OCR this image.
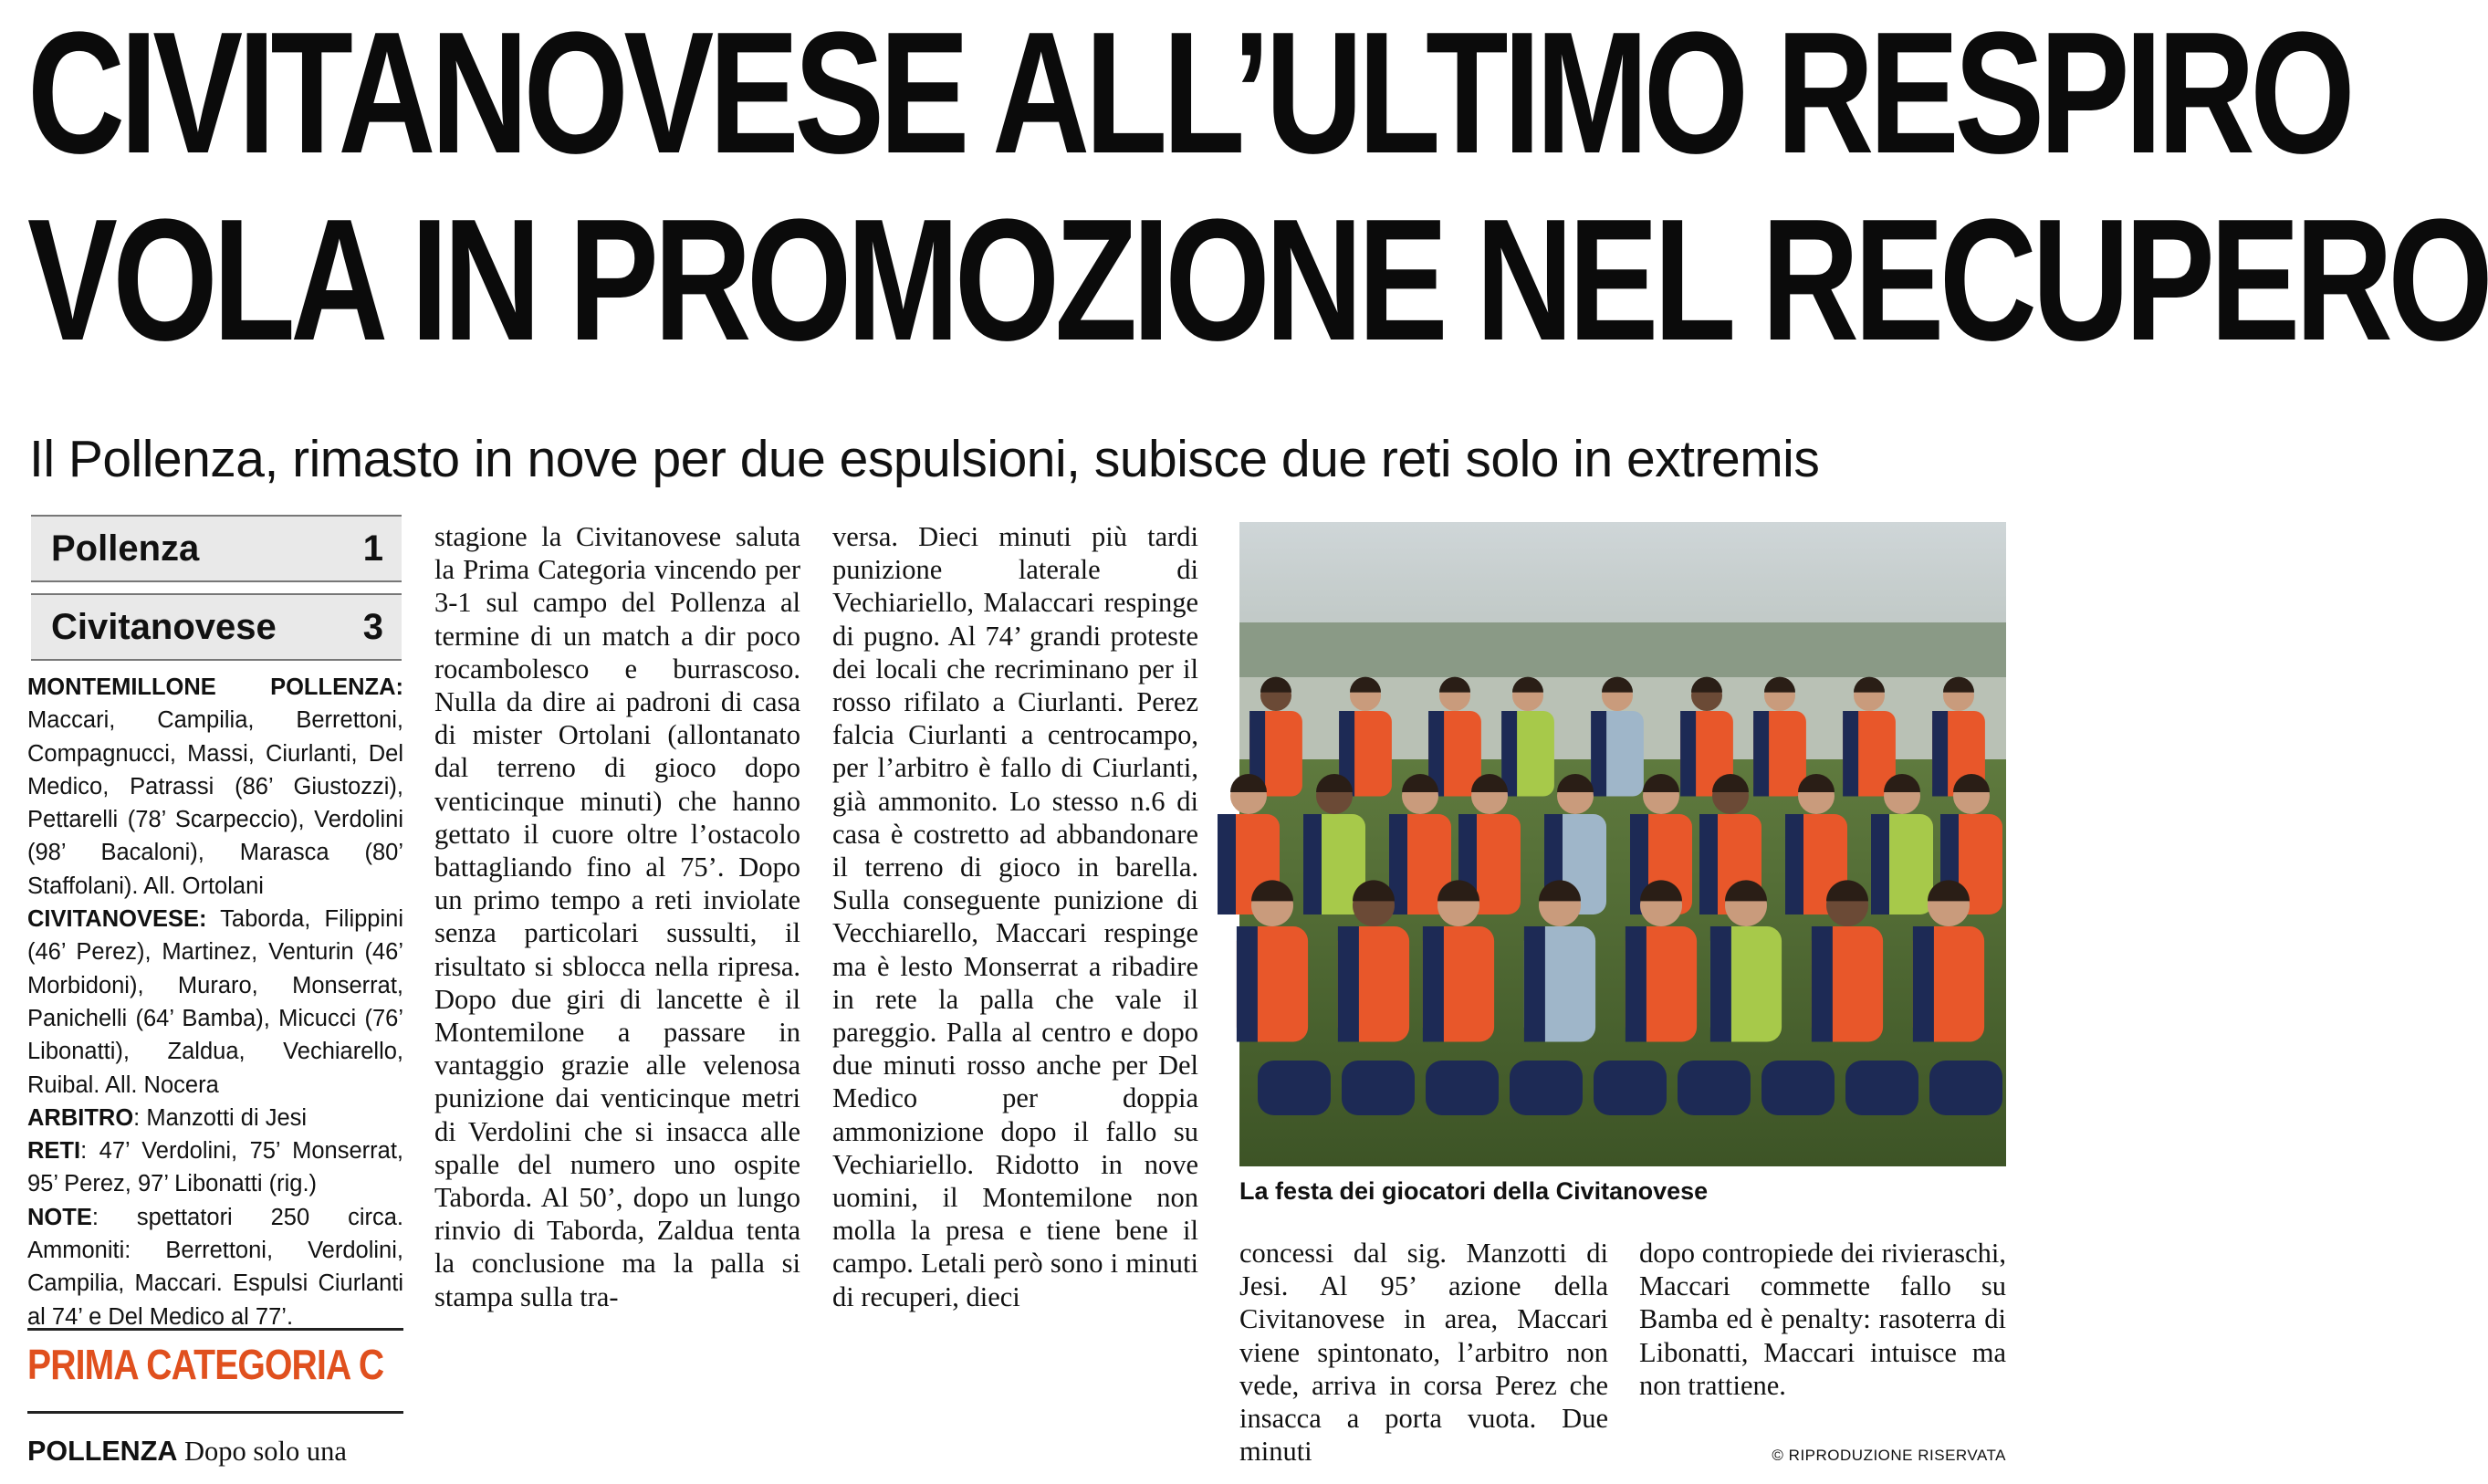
CIVITANOVESE ALL’ULTIMO RESPIRO
VOLA IN PROMOZIONE NEL RECUPERO
Il Pollenza, rimasto in nove per due espulsioni, subisce due reti solo in extremis
Pollenza	1
Civitanovese 3

MONTEMILLONE POLLENZA: Maccari, Campilia, Berrettoni, Compagnucci, Massi, Ciurlanti, Del Medico, Patrassi (86’ Giustozzi), Pettarelli (78’ Scarpeccio), Verdolini (98’ Bacaloni), Marasca (80’ Staffolani). All. Ortolani

CIVITANOVESE: Taborda, Filippini (46’ Perez), Martinez, Venturin (46’ Morbidoni), Muraro, Monserrat, Panichelli (64’ Bamba), Micucci (76’ Libonatti), Zaldua, Vechiarello, Ruibal. All. Nocera

ARBITRO: Manzotti di Jesi

RETI: 47’ Verdolini, 75’ Monserrat, 95’ Perez, 97’ Libonatti (rig.)

NOTE: spettatori 250 circa. Ammoniti: Berrettoni, Verdolini, Campilia, Maccari. Espulsi Ciurlanti al 74’ e Del Medico al 77’.

PRIMA CATEGORIA C

POLLENZA Dopo solo una

stagione la Civitanovese saluta la Prima Categoria vincendo per 3-1 sul campo del Pollenza al termine di un match a dir poco rocambolesco e burrascoso. Nulla da dire ai padroni di casa di mister Ortolani (allontanato dal terreno di gioco dopo venticinque minuti) che hanno gettato il cuore oltre l’ostacolo battagliando fino al 75’. Dopo un primo tempo a reti inviolate senza particolari sussulti, il risultato si sblocca nella ripresa. Dopo due giri di lancette è il Montemilone a passare in vantaggio grazie alle velenosa punizione dai venticinque metri di Verdolini che si insacca alle spalle del numero uno ospite Taborda. Al 50’, dopo un lungo rinvio di Taborda, Zaldua tenta la conclusione ma la palla si stampa sulla tra-

versa. Dieci minuti più tardi punizione laterale di Vechiariello, Malaccari respinge di pugno. Al 74’ grandi proteste dei locali che recriminano per il rosso rifilato a Ciurlanti. Perez falcia Ciurlanti a centrocampo, per l’arbitro è fallo di Ciurlanti, già ammonito. Lo stesso n.6 di casa è costretto ad abbandonare il terreno di gioco in barella. Sulla conseguente punizione di Vecchiarello, Maccari respinge ma è lesto Monserrat a ribadire in rete la palla che vale il pareggio. Palla al centro e dopo due minuti rosso anche per Del Medico per doppia ammonizione dopo il fallo su Vechiariello. Ridotto in nove uomini, il Montemilone non molla la presa e tiene bene il campo. Letali però sono i minuti di recuperi, dieci

concessi dal sig. Manzotti di Jesi. Al 95’ azione della Civitanovese in area, Maccari viene spintonato, l’arbitro non vede, arriva in corsa Perez che insacca a porta vuota. Due minuti

dopo contropiede dei rivieraschi, Maccari commette fallo su Bamba ed è penalty: rasoterra di Libonatti, Maccari intuisce ma non trattiene.

La festa dei giocatori della Civitanovese
© RIPRODUZIONE RISERVATA
